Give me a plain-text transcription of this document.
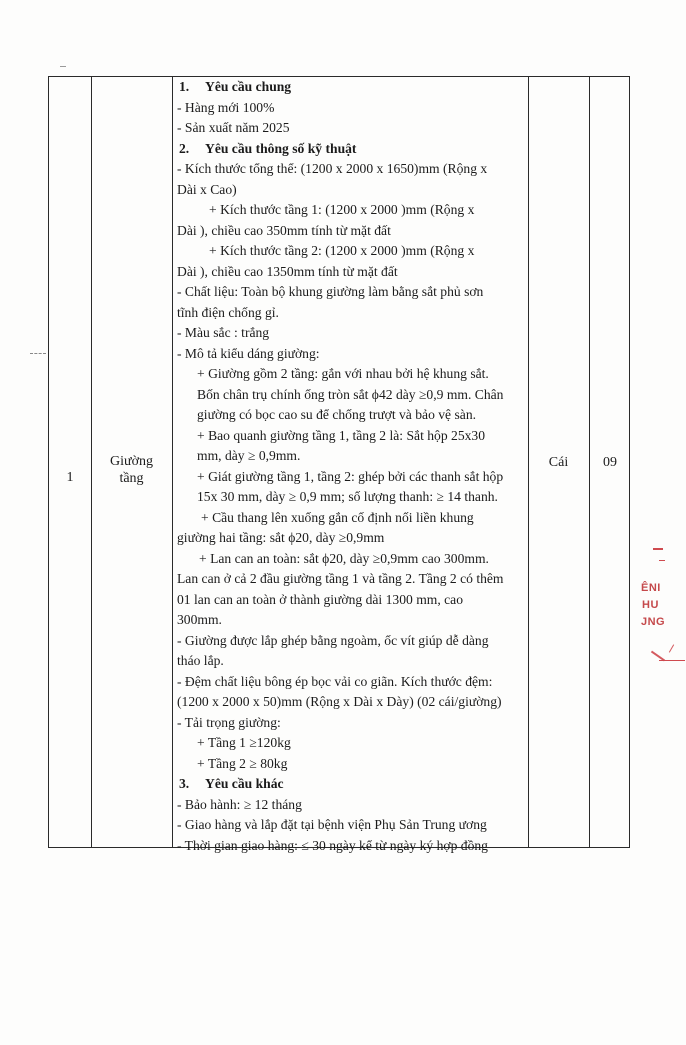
1
Giường
tầng
Cái	09
1. Yêu cầu chung
- Hàng mới 100%
- Sản xuất năm 2025
2. Yêu cầu thông số kỹ thuật
- Kích thước tổng thể: (1200 x 2000 x 1650)mm (Rộng x
Dài x Cao)
+ Kích thước tầng 1: (1200 x 2000 )mm (Rộng x
Dài ), chiều cao 350mm tính từ mặt đất
+ Kích thước tầng 2: (1200 x 2000 )mm (Rộng x
Dài ), chiều cao 1350mm tính từ mặt đất
- Chất liệu: Toàn bộ khung giường làm bằng sắt phủ sơn
tĩnh điện chống gỉ.
- Màu sắc : trắng
- Mô tả kiểu dáng giường:
+ Giường gồm 2 tầng: gắn với nhau bởi hệ khung sắt.
Bốn chân trụ chính ống tròn sắt ϕ42 dày ≥0,9 mm. Chân
giường có bọc cao su để chống trượt và bảo vệ sàn.
+ Bao quanh giường tầng 1, tầng 2 là: Sắt hộp 25x30
mm, dày ≥ 0,9mm.
+ Giát giường tầng 1, tầng 2: ghép bởi các thanh sắt hộp
15x 30 mm, dày ≥ 0,9 mm; số lượng thanh: ≥ 14 thanh.
+ Cầu thang lên xuống gắn cố định nối liền khung
giường hai tầng: sắt ϕ20, dày ≥0,9mm
+ Lan can an toàn: sắt ϕ20, dày ≥0,9mm cao 300mm.
Lan can ở cả 2 đầu giường tầng 1 và tầng 2. Tầng 2 có thêm
01 lan can an toàn ở thành giường dài 1300 mm, cao
300mm.
- Giường được lắp ghép bằng ngoàm, ốc vít giúp dễ dàng
tháo lắp.
- Đệm chất liệu bông ép bọc vải co giãn. Kích thước đệm:
(1200 x 2000 x 50)mm (Rộng x Dài x Dày) (02 cái/giường)
- Tải trọng giường:
+ Tầng 1 ≥120kg
+ Tầng 2 ≥ 80kg
3. Yêu cầu khác
- Bảo hành: ≥ 12 tháng
- Giao hàng và lắp đặt tại bệnh viện Phụ Sản Trung ương
- Thời gian giao hàng: ≤ 30 ngày kể từ ngày ký hợp đồng
ÊNI
HU
JNG
